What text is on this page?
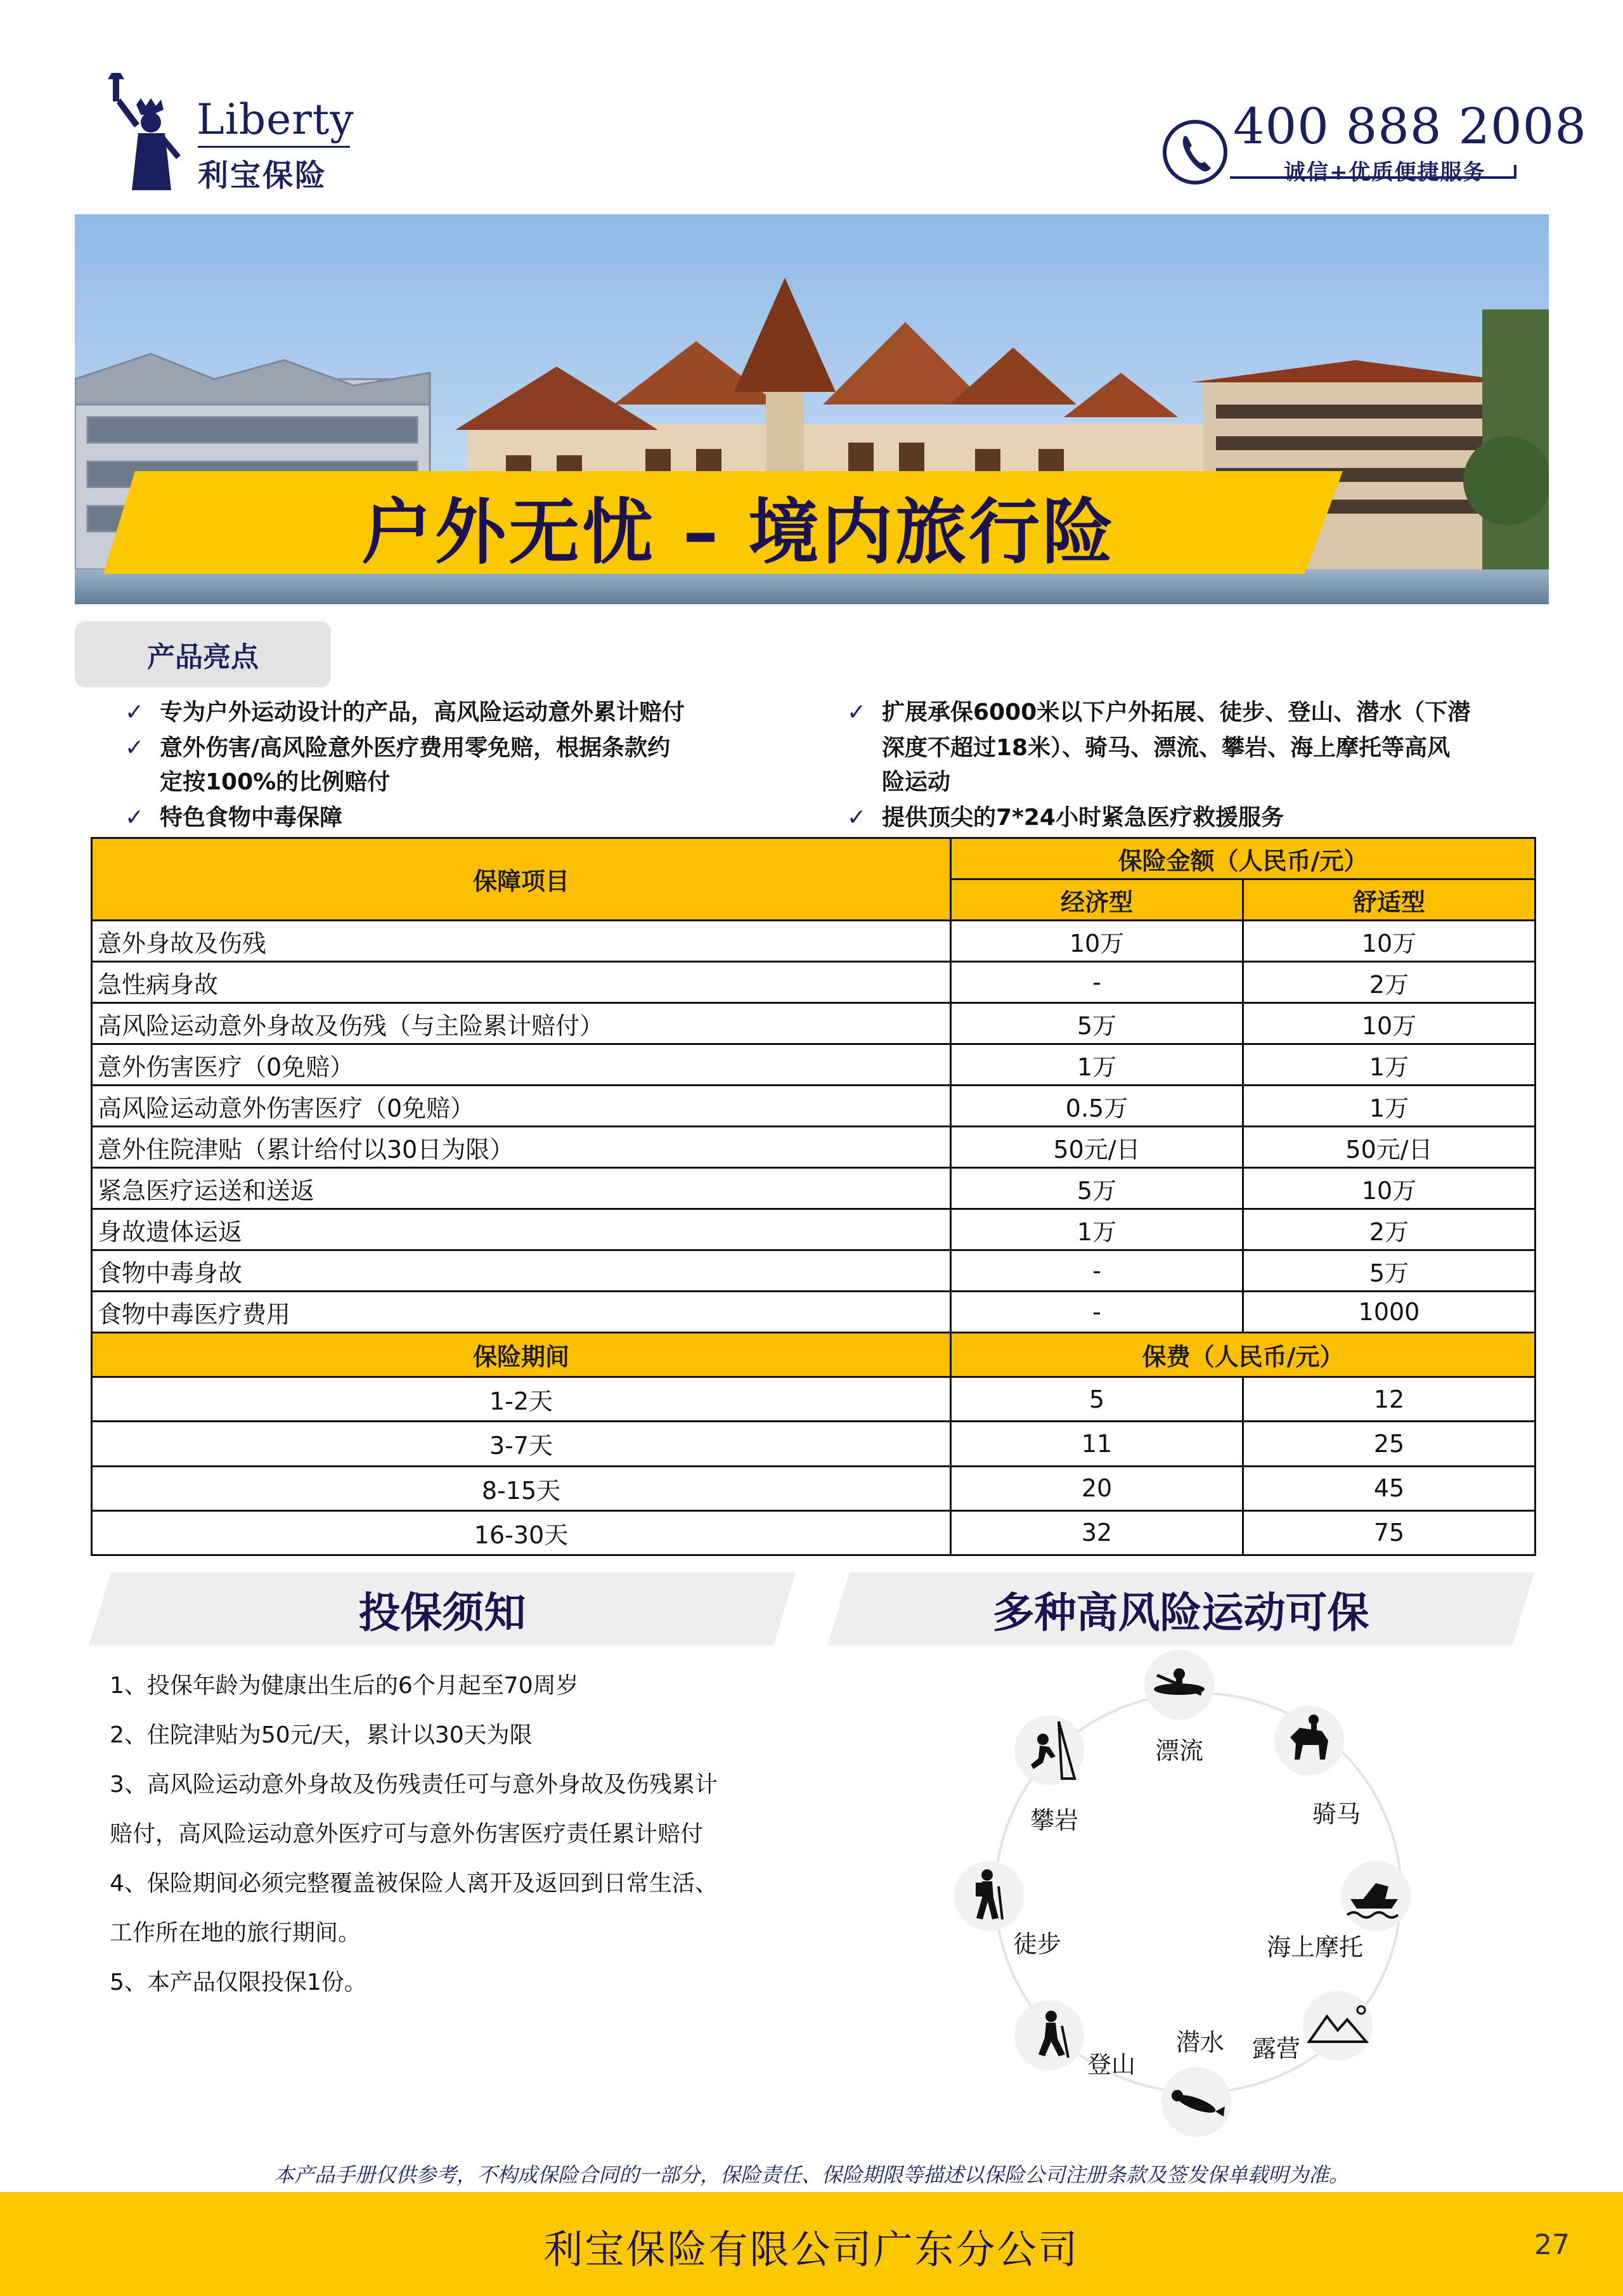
Liberty
利宝保险
400 888 2008
诚信+优质便捷服务
户外无忧 – 境内旅行险
产品亮点
✓ 专为户外运动设计的产品，高风险运动意外累计赔付
✓ 意外伤害/高风险意外医疗费用零免赔，根据条款约
定按100%的比例赔付
✓ 特色食物中毒保障
✓ 扩展承保6000米以下户外拓展、徒步、登山、潜水（下潜
深度不超过18米）、骑马、漂流、攀岩、海上摩托等高风
险运动
✓ 提供顶尖的7*24小时紧急医疗救援服务
保障项目	保险金额（人民币/元）	
	经济型	舒适型
意外身故及伤残	10万	10万
急性病身故	-	2万
高风险运动意外身故及伤残（与主险累计赔付）	5万	10万
意外伤害医疗（0免赔）	1万	1万
高风险运动意外伤害医疗（0免赔）	0.5万	1万
意外住院津贴（累计给付以30日为限）	50元/日	50元/日
紧急医疗运送和送返	5万	10万
身故遗体运返	1万	2万
食物中毒身故	-	5万
食物中毒医疗费用	-	1000
保险期间	保费（人民币/元）	
1-2天	5	12
3-7天	11	25
8-15天	20	45
16-30天	32	75
投保须知
1、投保年龄为健康出生后的6个月起至70周岁
2、住院津贴为50元/天，累计以30天为限
3、高风险运动意外身故及伤残责任可与意外身故及伤残累计
赔付，高风险运动意外医疗可与意外伤害医疗责任累计赔付
4、保险期间必须完整覆盖被保险人离开及返回到日常生活、
工作所在地的旅行期间。
5、本产品仅限投保1份。
多种高风险运动可保
漂流
骑马
海上摩托
露营
潜水
登山
徒步
攀岩
本产品手册仅供参考，不构成保险合同的一部分，保险责任、保险期限等描述以保险公司注册条款及签发保单载明为准。
利宝保险有限公司广东分公司	27
